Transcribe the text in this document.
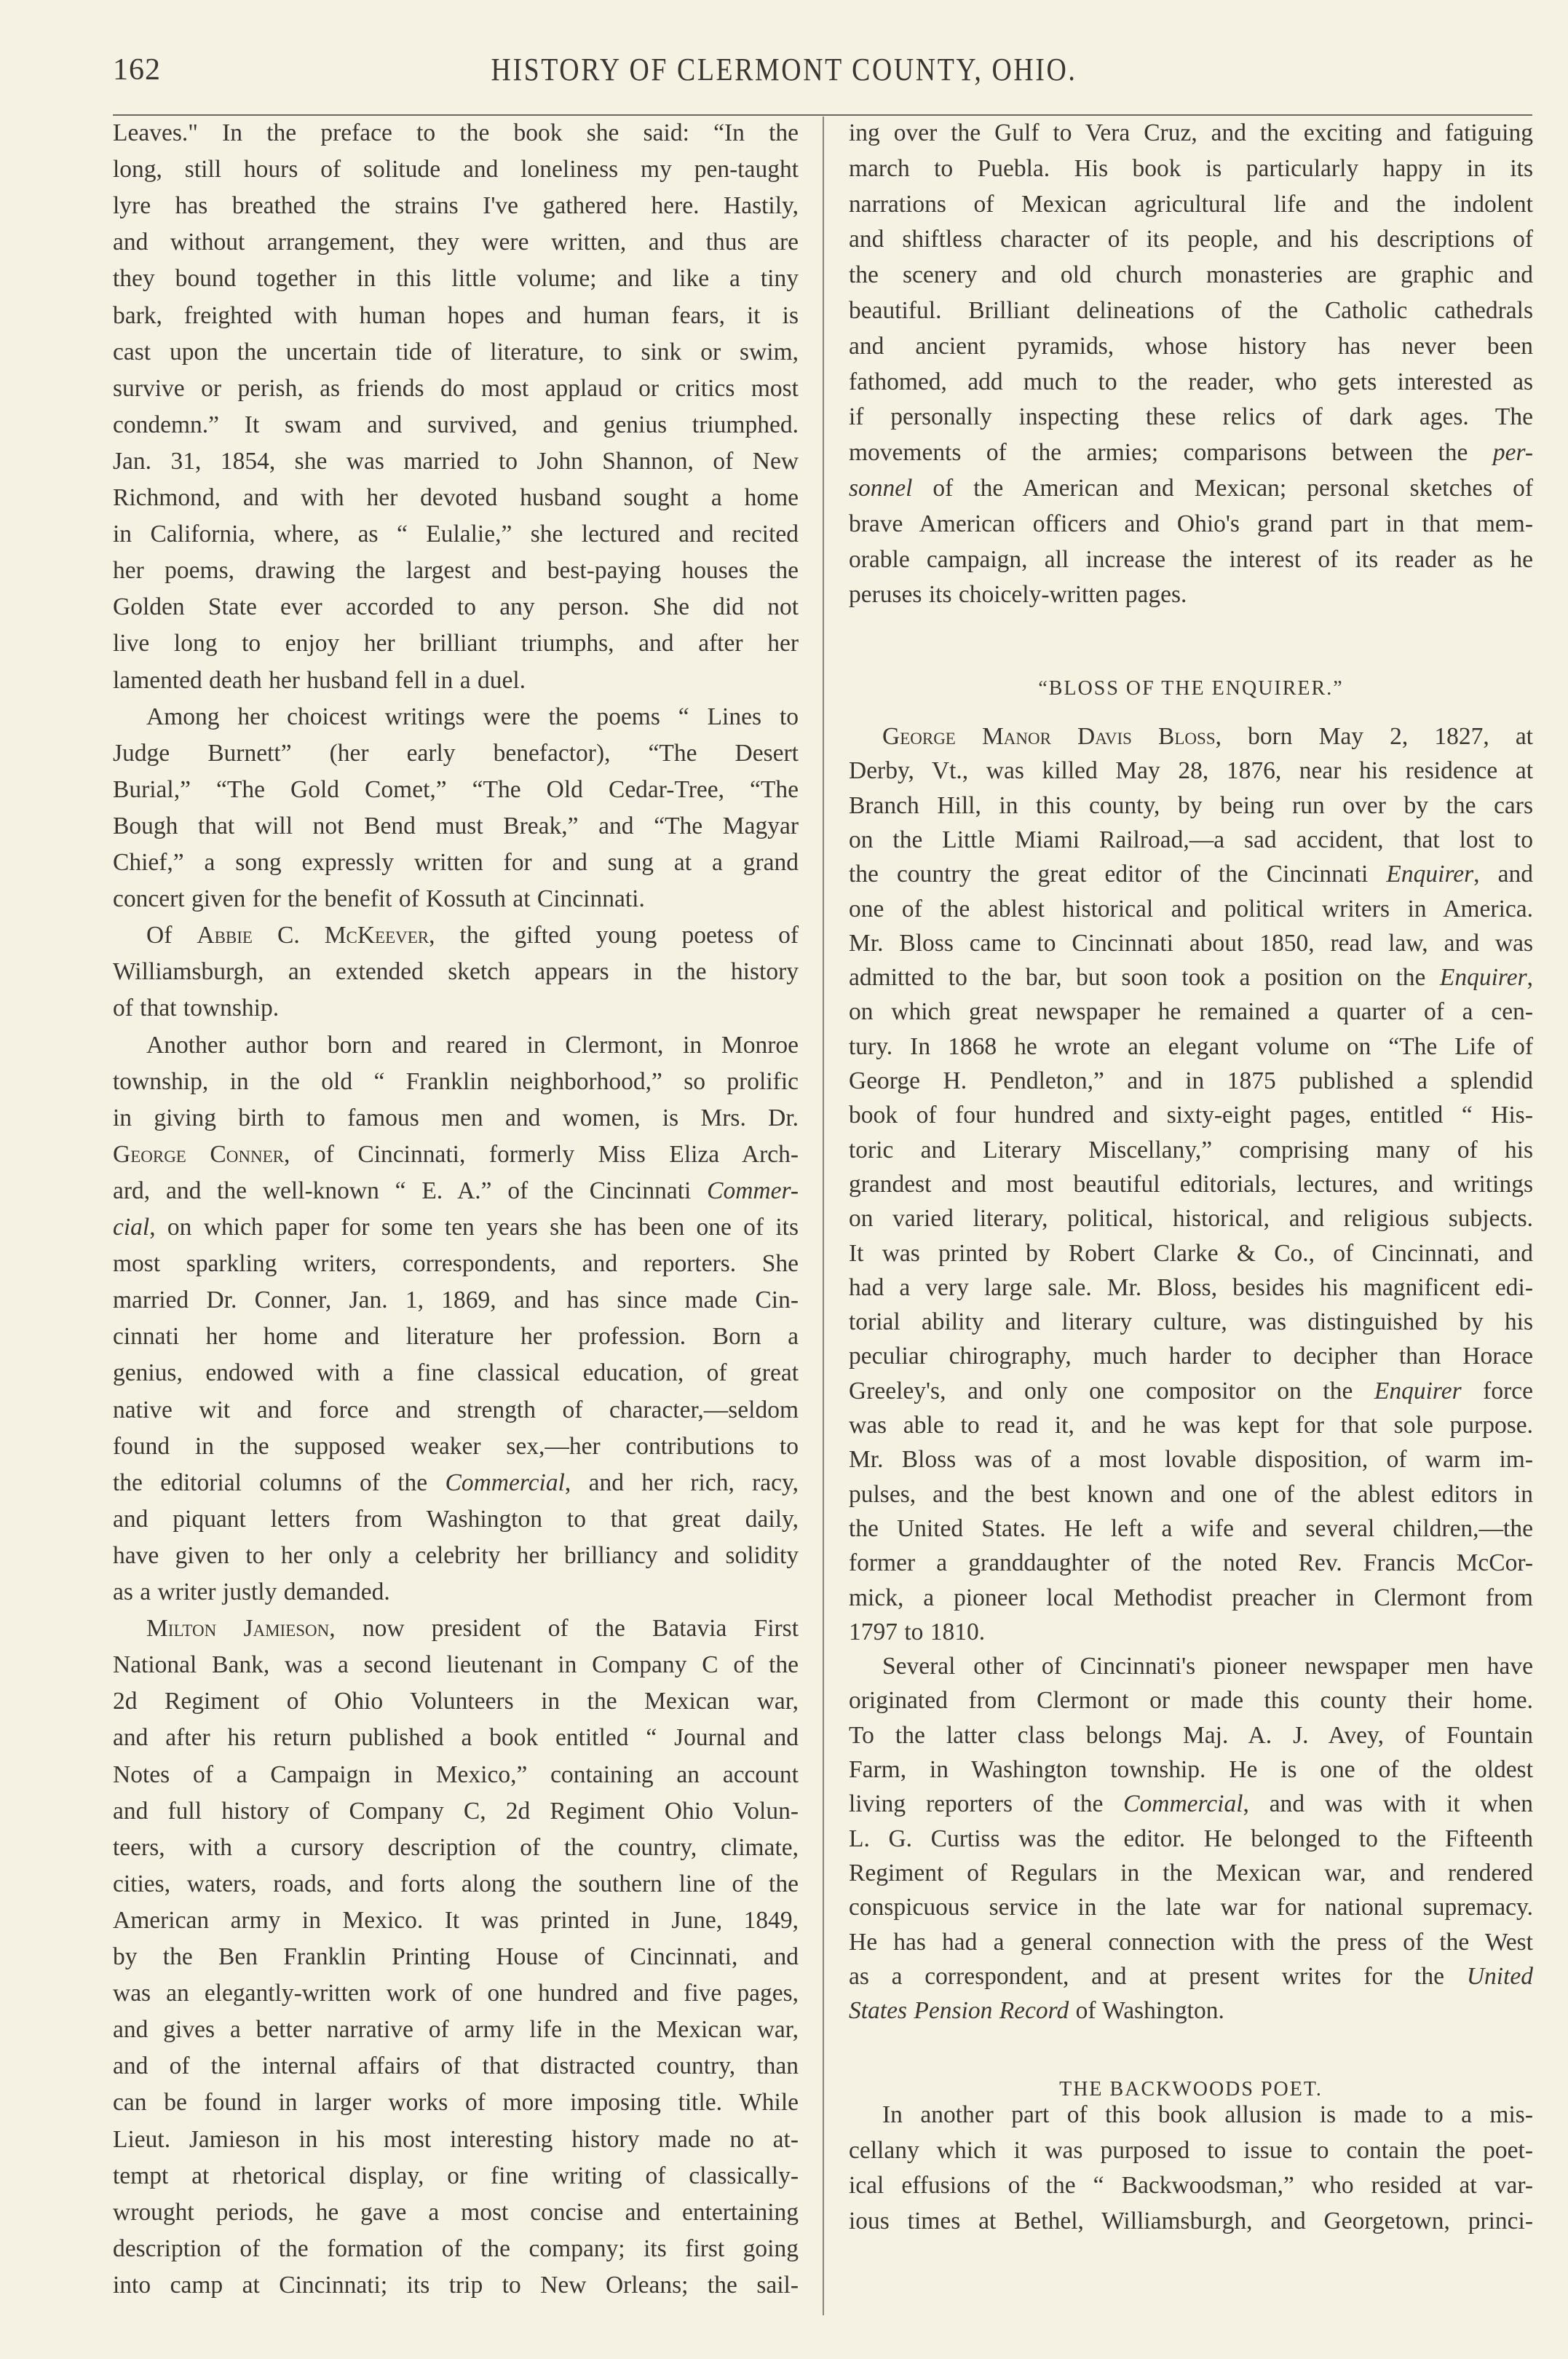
162	HISTORY OF CLERMONT COUNTY, OHIO.
Leaves." In the preface to the book she said: “In the
long, still hours of solitude and loneliness my pen-taught
lyre has breathed the strains I've gathered here. Hastily,
and without arrangement, they were written, and thus are
they bound together in this little volume; and like a tiny
bark, freighted with human hopes and human fears, it is
cast upon the uncertain tide of literature, to sink or swim,
survive or perish, as friends do most applaud or critics most
condemn.” It swam and survived, and genius triumphed.
Jan. 31, 1854, she was married to John Shannon, of New
Richmond, and with her devoted husband sought a home
in California, where, as “ Eulalie,” she lectured and recited
her poems, drawing the largest and best-paying houses the
Golden State ever accorded to any person. She did not
live long to enjoy her brilliant triumphs, and after her
lamented death her husband fell in a duel.
Among her choicest writings were the poems “ Lines to
Judge Burnett” (her early benefactor), “The Desert
Burial,” “The Gold Comet,” “The Old Cedar-Tree, “The
Bough that will not Bend must Break,” and “The Magyar
Chief,” a song expressly written for and sung at a grand
concert given for the benefit of Kossuth at Cincinnati.
Of Abbie C. McKeever, the gifted young poetess of
Williamsburgh, an extended sketch appears in the history
of that township.
Another author born and reared in Clermont, in Monroe
township, in the old “ Franklin neighborhood,” so prolific
in giving birth to famous men and women, is Mrs. Dr.
George Conner, of Cincinnati, formerly Miss Eliza Arch-
ard, and the well-known “ E. A.” of the Cincinnati Commer-
cial, on which paper for some ten years she has been one of its
most sparkling writers, correspondents, and reporters. She
married Dr. Conner, Jan. 1, 1869, and has since made Cin-
cinnati her home and literature her profession. Born a
genius, endowed with a fine classical education, of great
native wit and force and strength of character,—seldom
found in the supposed weaker sex,—her contributions to
the editorial columns of the Commercial, and her rich, racy,
and piquant letters from Washington to that great daily,
have given to her only a celebrity her brilliancy and solidity
as a writer justly demanded.
Milton Jamieson, now president of the Batavia First
National Bank, was a second lieutenant in Company C of the
2d Regiment of Ohio Volunteers in the Mexican war,
and after his return published a book entitled “ Journal and
Notes of a Campaign in Mexico,” containing an account
and full history of Company C, 2d Regiment Ohio Volun-
teers, with a cursory description of the country, climate,
cities, waters, roads, and forts along the southern line of the
American army in Mexico. It was printed in June, 1849,
by the Ben Franklin Printing House of Cincinnati, and
was an elegantly-written work of one hundred and five pages,
and gives a better narrative of army life in the Mexican war,
and of the internal affairs of that distracted country, than
can be found in larger works of more imposing title. While
Lieut. Jamieson in his most interesting history made no at-
tempt at rhetorical display, or fine writing of classically-
wrought periods, he gave a most concise and entertaining
description of the formation of the company; its first going
into camp at Cincinnati; its trip to New Orleans; the sail-
“BLOSS OF THE ENQUIRER.”
THE BACKWOODS POET.
ing over the Gulf to Vera Cruz, and the exciting and fatiguing
march to Puebla. His book is particularly happy in its
narrations of Mexican agricultural life and the indolent
and shiftless character of its people, and his descriptions of
the scenery and old church monasteries are graphic and
beautiful. Brilliant delineations of the Catholic cathedrals
and ancient pyramids, whose history has never been
fathomed, add much to the reader, who gets interested as
if personally inspecting these relics of dark ages. The
movements of the armies; comparisons between the per-
sonnel of the American and Mexican; personal sketches of
brave American officers and Ohio's grand part in that mem-
orable campaign, all increase the interest of its reader as he
peruses its choicely-written pages.
George Manor Davis Bloss, born May 2, 1827, at
Derby, Vt., was killed May 28, 1876, near his residence at
Branch Hill, in this county, by being run over by the cars
on the Little Miami Railroad,—a sad accident, that lost to
the country the great editor of the Cincinnati Enquirer, and
one of the ablest historical and political writers in America.
Mr. Bloss came to Cincinnati about 1850, read law, and was
admitted to the bar, but soon took a position on the Enquirer,
on which great newspaper he remained a quarter of a cen-
tury. In 1868 he wrote an elegant volume on “The Life of
George H. Pendleton,” and in 1875 published a splendid
book of four hundred and sixty-eight pages, entitled “ His-
toric and Literary Miscellany,” comprising many of his
grandest and most beautiful editorials, lectures, and writings
on varied literary, political, historical, and religious subjects.
It was printed by Robert Clarke & Co., of Cincinnati, and
had a very large sale. Mr. Bloss, besides his magnificent edi-
torial ability and literary culture, was distinguished by his
peculiar chirography, much harder to decipher than Horace
Greeley's, and only one compositor on the Enquirer force
was able to read it, and he was kept for that sole purpose.
Mr. Bloss was of a most lovable disposition, of warm im-
pulses, and the best known and one of the ablest editors in
the United States. He left a wife and several children,—the
former a granddaughter of the noted Rev. Francis McCor-
mick, a pioneer local Methodist preacher in Clermont from
1797 to 1810.
Several other of Cincinnati's pioneer newspaper men have
originated from Clermont or made this county their home.
To the latter class belongs Maj. A. J. Avey, of Fountain
Farm, in Washington township. He is one of the oldest
living reporters of the Commercial, and was with it when
L. G. Curtiss was the editor. He belonged to the Fifteenth
Regiment of Regulars in the Mexican war, and rendered
conspicuous service in the late war for national supremacy.
He has had a general connection with the press of the West
as a correspondent, and at present writes for the United
States Pension Record of Washington.
In another part of this book allusion is made to a mis-
cellany which it was purposed to issue to contain the poet-
ical effusions of the “ Backwoodsman,” who resided at var-
ious times at Bethel, Williamsburgh, and Georgetown, princi-
